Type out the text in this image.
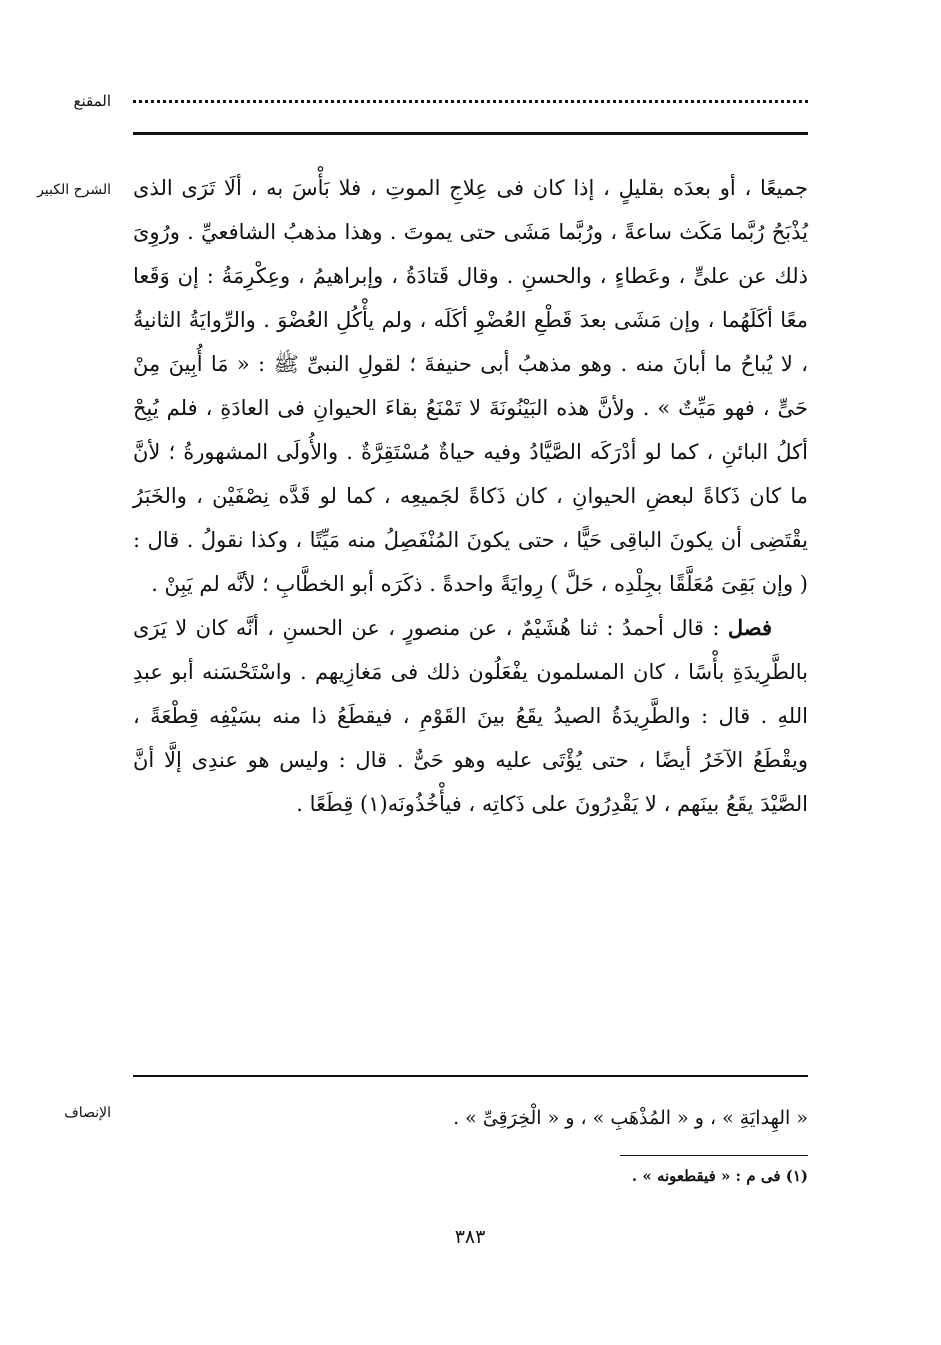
المقنع
الشرح الكبير جميعًا ، أو بعدَه بقليلٍ ، إذا كان فى عِلاجِ الموتِ ، فلا بَأْسَ به ، ألَا تَرَى الذى يُذْبَحُ رُبَّما مَكَث ساعةً ، ورُبَّما مَشَى حتى يموتَ . وهذا مذهبُ الشافعيِّ . ورُوِىَ ذلك عن علىٍّ ، وعَطاءٍ ، والحسنِ . وقال قَتادَةُ ، وإبراهيمُ ، وعِكْرِمَةُ : إن وَقَعا معًا أكَلَهُما ، وإن مَشَى بعدَ قَطْعِ العُضْوِ أكَلَه ، ولم يأْكُلِ العُضْوَ . والرِّوايَةُ الثانيةُ ، لا يُباحُ ما أبانَ منه . وهو مذهبُ أبى حنيفةَ ؛ لقولِ النبىِّ ﷺ : « مَا أُبِينَ مِنْ حَىٍّ ، فهو مَيِّتٌ » . ولأنَّ هذه البَيْنُونَةَ لا تَمْنَعُ بقاءَ الحيوانِ فى العادَةِ ، فلم يُبِحْ أكلُ البائنِ ، كما لو أدْرَكَه الصَّيَّادُ وفيه حياةٌ مُسْتَقِرَّةٌ . والأُولَى المشهورةُ ؛ لأنَّ ما كان ذَكاةً لبعضِ الحيوانِ ، كان ذَكاةً لجَميعِه ، كما لو قَدَّه نِصْفَيْن ، والخَبَرُ يقْتَضِى أن يكونَ الباقِى حَيًّا ، حتى يكونَ المُنْفَصِلُ منه مَيِّتًا ، وكذا نقولُ . قال : ( وإن بَقِىَ مُعَلَّقًا بجِلْدِه ، حَلَّ ) رِوايَةً واحدةً . ذكَرَه أبو الخطَّابِ ؛ لأنَّه لم يَبِنْ .

فصل : قال أحمدُ : ثنا هُشَيْمٌ ، عن منصورٍ ، عن الحسنِ ، أنَّه كان لا يَرَى بالطَّرِيدَةِ بأْسًا ، كان المسلمون يفْعَلُون ذلك فى مَغازِيهم . واسْتَحْسَنه أبو عبدِ اللهِ . قال : والطَّرِيدَةُ الصيدُ يقَعُ بينَ القَوْمِ ، فيقطَعُ ذا منه بسَيْفِه قِطْعَةً ، ويقْطَعُ الآخَرُ أيضًا ، حتى يُؤْتَى عليه وهو حَىٌّ . قال : وليس هو عندِى إلَّا أنَّ الصَّيْدَ يقَعُ بينَهم ، لا يَقْدِرُونَ على ذَكاتِه ، فيأْخُذُونَه(١) قِطَعًا .

الإنصاف	« الهِدايَةِ » ، و « المُذْهَبِ » ، و « الْخِرَقِىِّ » .
(١) فى م : « فيقطعونه » .
٣٨٣
